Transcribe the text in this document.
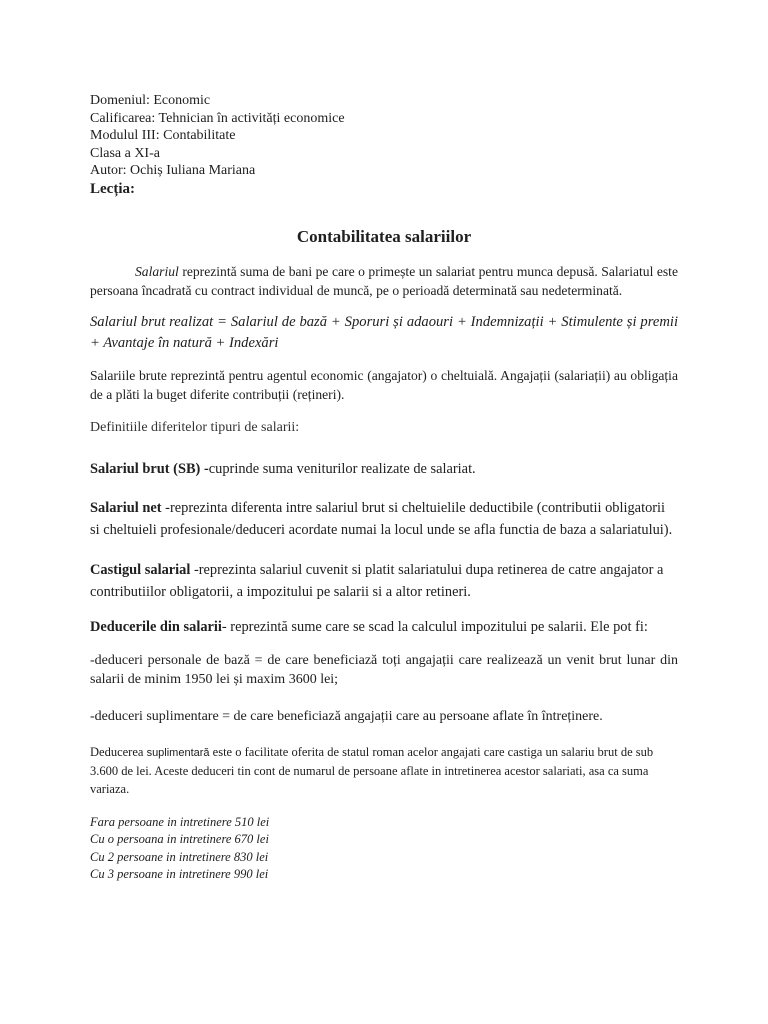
Domeniul: Economic
Calificarea: Tehnician în activități economice
Modulul III: Contabilitate
Clasa a XI-a
Autor: Ochiș Iuliana Mariana
Lecția:
Contabilitatea salariilor

Salariul reprezintă suma de bani pe care o primește un salariat pentru munca depusă. Salariatul este persoana încadrată cu contract individual de muncă, pe o perioadă determinată sau nedeterminată.

Salariul brut realizat = Salariul de bază + Sporuri și adaouri + Indemnizații + Stimulente și premii + Avantaje în natură + Indexări

Salariile brute reprezintă pentru agentul economic (angajator) o cheltuială. Angajații (salariații) au obligația de a plăti la buget diferite contribuții (rețineri).

Definitiile diferitelor tipuri de salarii:

Salariul brut (SB) -cuprinde suma veniturilor realizate de salariat.

Salariul net -reprezinta diferenta intre salariul brut si cheltuielile deductibile (contributii obligatorii si cheltuieli profesionale/deduceri acordate numai la locul unde se afla functia de baza a salariatului).

Castigul salarial -reprezinta salariul cuvenit si platit salariatului dupa retinerea de catre angajator a contributiilor obligatorii, a impozitului pe salarii si a altor retineri.

Deducerile din salarii- reprezintă sume care se scad la calculul impozitului pe salarii. Ele pot fi:

-deduceri personale de bază = de care beneficiază toți angajații care realizează un venit brut lunar din salarii de minim 1950 lei și maxim 3600 lei;

-deduceri suplimentare = de care beneficiază angajații care au persoane aflate în întreținere.

Deducerea suplimentară este o facilitate oferita de statul roman acelor angajati care castiga un salariu brut de sub 3.600 de lei. Aceste deduceri tin cont de numarul de persoane aflate in intretinerea acestor salariati, asa ca suma variaza.

Fara persoane in intretinere 510 lei
Cu o persoana in intretinere 670 lei
Cu 2 persoane in intretinere 830 lei
Cu 3 persoane in intretinere 990 lei
